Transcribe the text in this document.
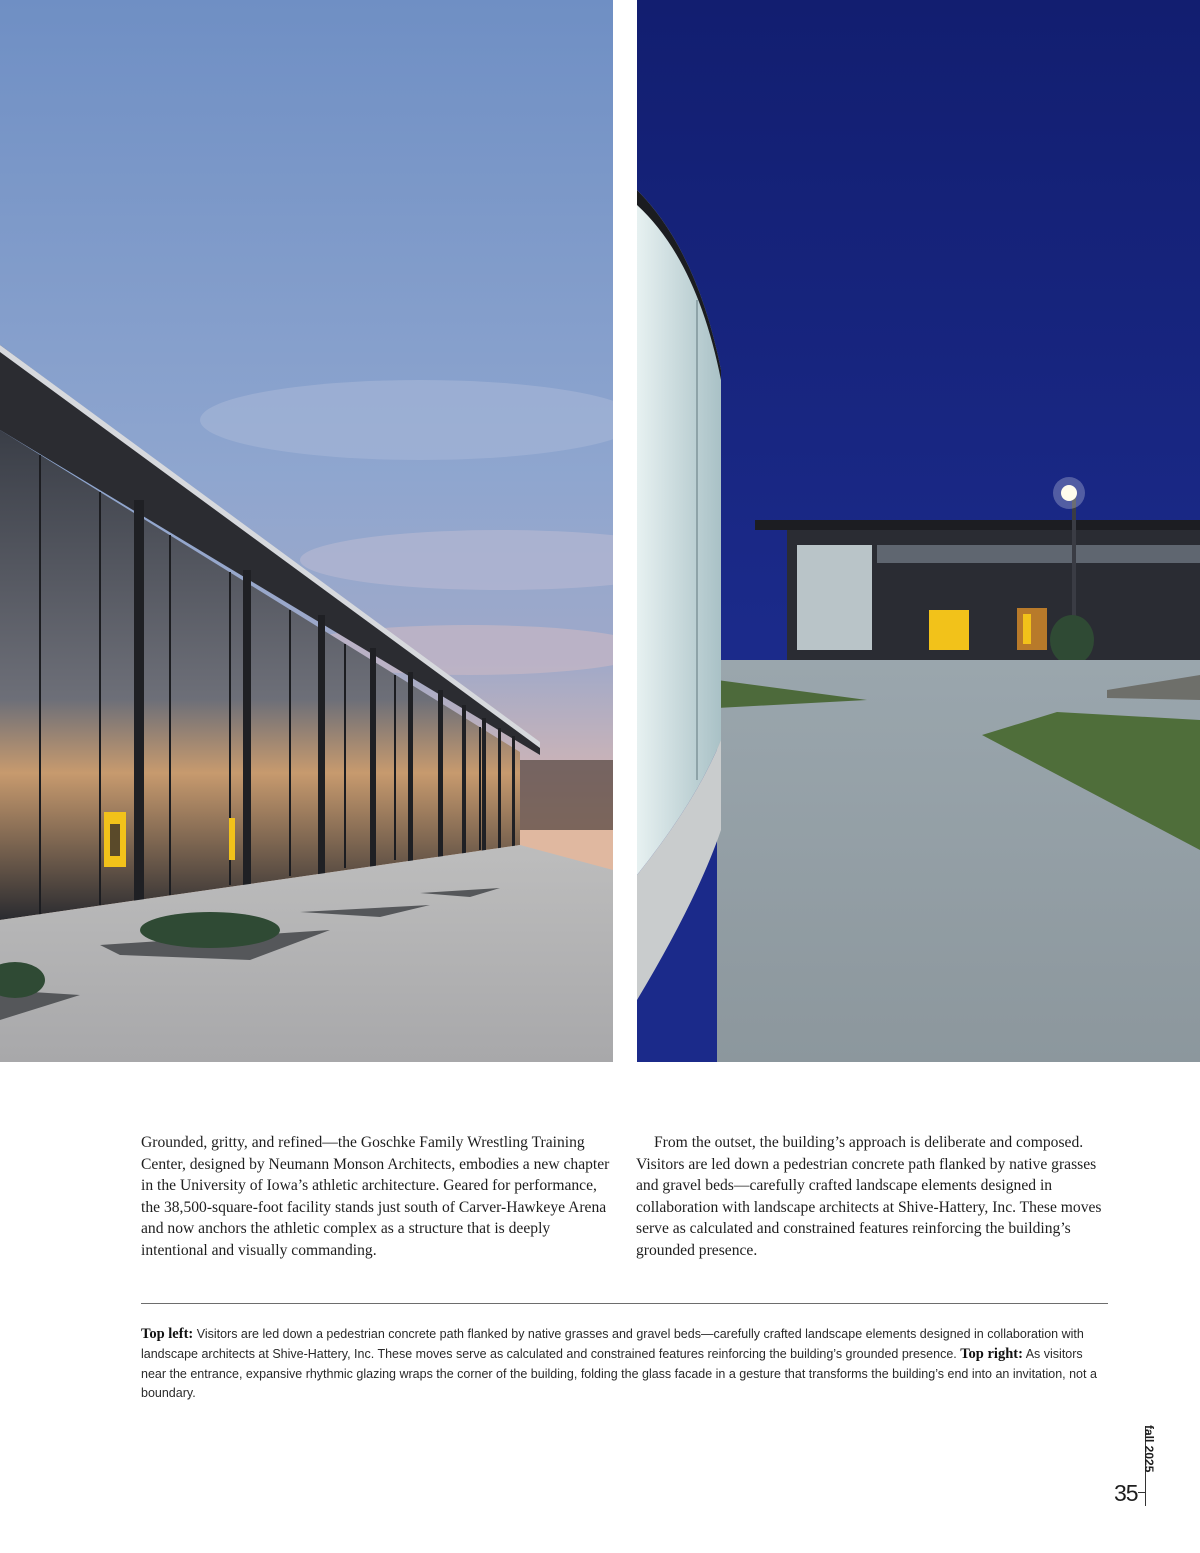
Grounded, gritty, and refined—the Goschke Family Wrestling Training Center, designed by Neumann Monson Architects, embodies a new chapter in the University of Iowa’s athletic architecture. Geared for performance, the 38,500-square-foot facility stands just south of Carver-Hawkeye Arena and now anchors the athletic complex as a structure that is deeply intentional and visually commanding.

From the outset, the building’s approach is deliberate and composed. Visitors are led down a pedestrian concrete path flanked by native grasses and gravel beds—carefully crafted landscape elements designed in collaboration with landscape architects at Shive-Hattery, Inc. These moves serve as calculated and constrained features reinforcing the building’s grounded presence.

Top left: Visitors are led down a pedestrian concrete path flanked by native grasses and gravel beds—carefully crafted landscape elements designed in collaboration with landscape architects at Shive-Hattery, Inc. These moves serve as calculated and constrained features reinforcing the building’s grounded presence. Top right: As visitors near the entrance, expansive rhythmic glazing wraps the corner of the building, folding the glass facade in a gesture that transforms the building’s end into an invitation, not a boundary.

35
fall 2025
